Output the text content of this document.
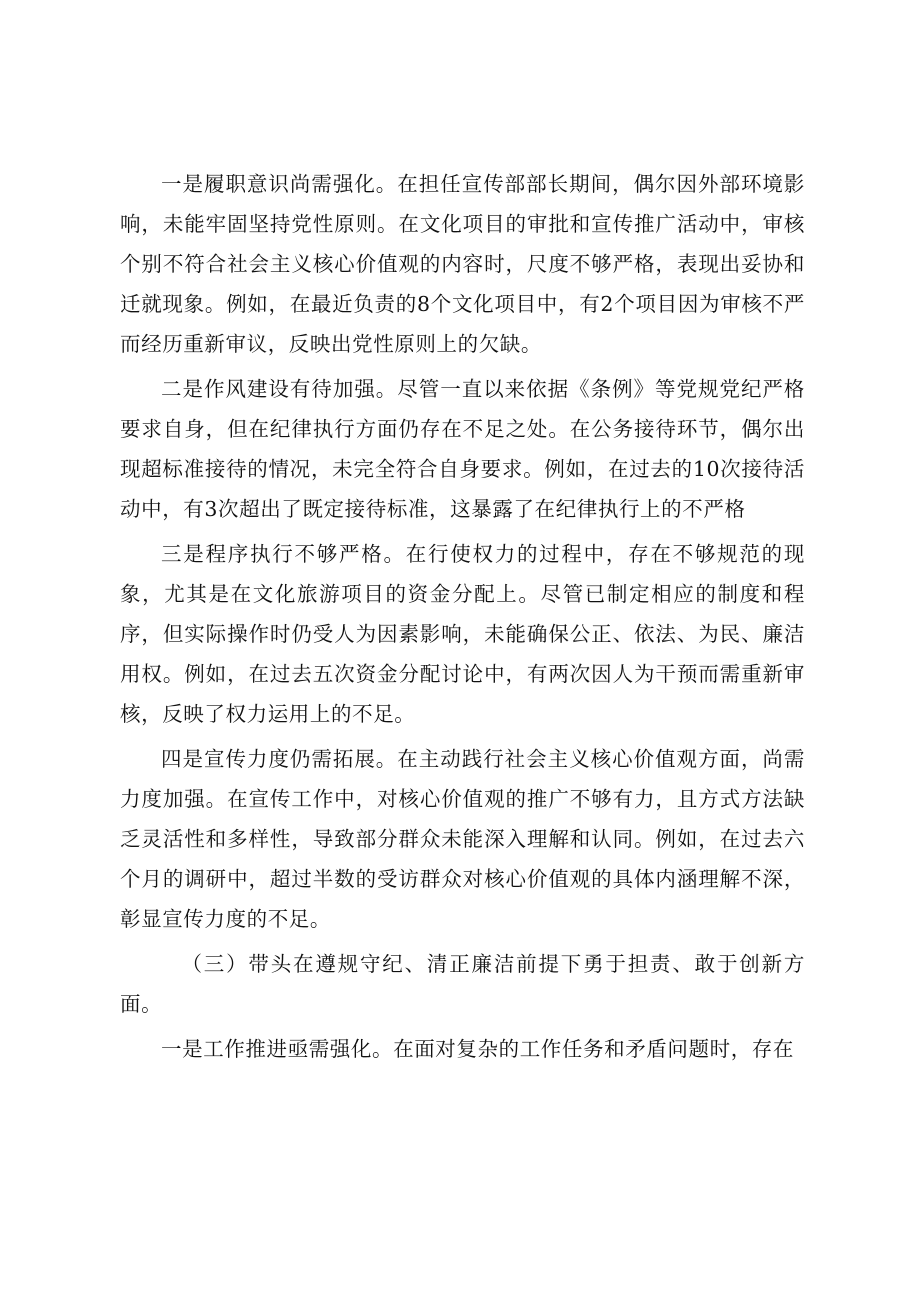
一是履职意识尚需强化。在担任宣传部部长期间，偶尔因外部环境影响，未能牢固坚持党性原则。在文化项目的审批和宣传推广活动中，审核个别不符合社会主义核心价值观的内容时，尺度不够严格，表现出妥协和迁就现象。例如，在最近负责的8个文化项目中，有2个项目因为审核不严而经历重新审议，反映出党性原则上的欠缺。

二是作风建设有待加强。尽管一直以来依据《条例》等党规党纪严格要求自身，但在纪律执行方面仍存在不足之处。在公务接待环节，偶尔出现超标准接待的情况，未完全符合自身要求。例如，在过去的10次接待活动中，有3次超出了既定接待标准，这暴露了在纪律执行上的不严格

三是程序执行不够严格。在行使权力的过程中，存在不够规范的现象，尤其是在文化旅游项目的资金分配上。尽管已制定相应的制度和程序，但实际操作时仍受人为因素影响，未能确保公正、依法、为民、廉洁用权。例如，在过去五次资金分配讨论中，有两次因人为干预而需重新审核，反映了权力运用上的不足。

四是宣传力度仍需拓展。在主动践行社会主义核心价值观方面，尚需力度加强。在宣传工作中，对核心价值观的推广不够有力，且方式方法缺乏灵活性和多样性，导致部分群众未能深入理解和认同。例如，在过去六个月的调研中，超过半数的受访群众对核心价值观的具体内涵理解不深，彰显宣传力度的不足。

（三）带头在遵规守纪、清正廉洁前提下勇于担责、敢于创新方面。

一是工作推进亟需强化。在面对复杂的工作任务和矛盾问题时，存在
